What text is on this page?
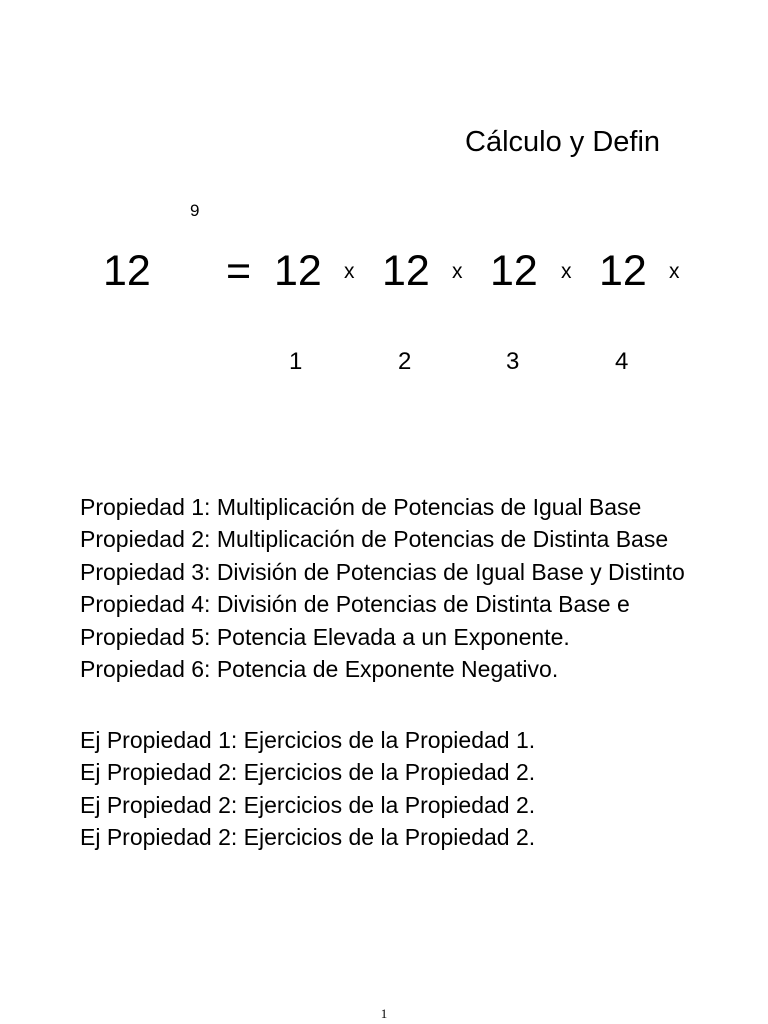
Cálculo y Defin
9
12 = 12 x 12 x 12 x 12 x
1	2	3	4
Propiedad 1: Multiplicación de Potencias de Igual Base
Propiedad 2: Multiplicación de Potencias de Distinta Base
Propiedad 3: División de Potencias de Igual Base y Distinto
Propiedad 4: División de Potencias de Distinta Base e
Propiedad 5: Potencia Elevada a un Exponente.
Propiedad 6: Potencia de Exponente Negativo.
Ej Propiedad 1: Ejercicios de la Propiedad 1.
Ej Propiedad 2: Ejercicios de la Propiedad 2.
Ej Propiedad 2: Ejercicios de la Propiedad 2.
Ej Propiedad 2: Ejercicios de la Propiedad 2.
1
